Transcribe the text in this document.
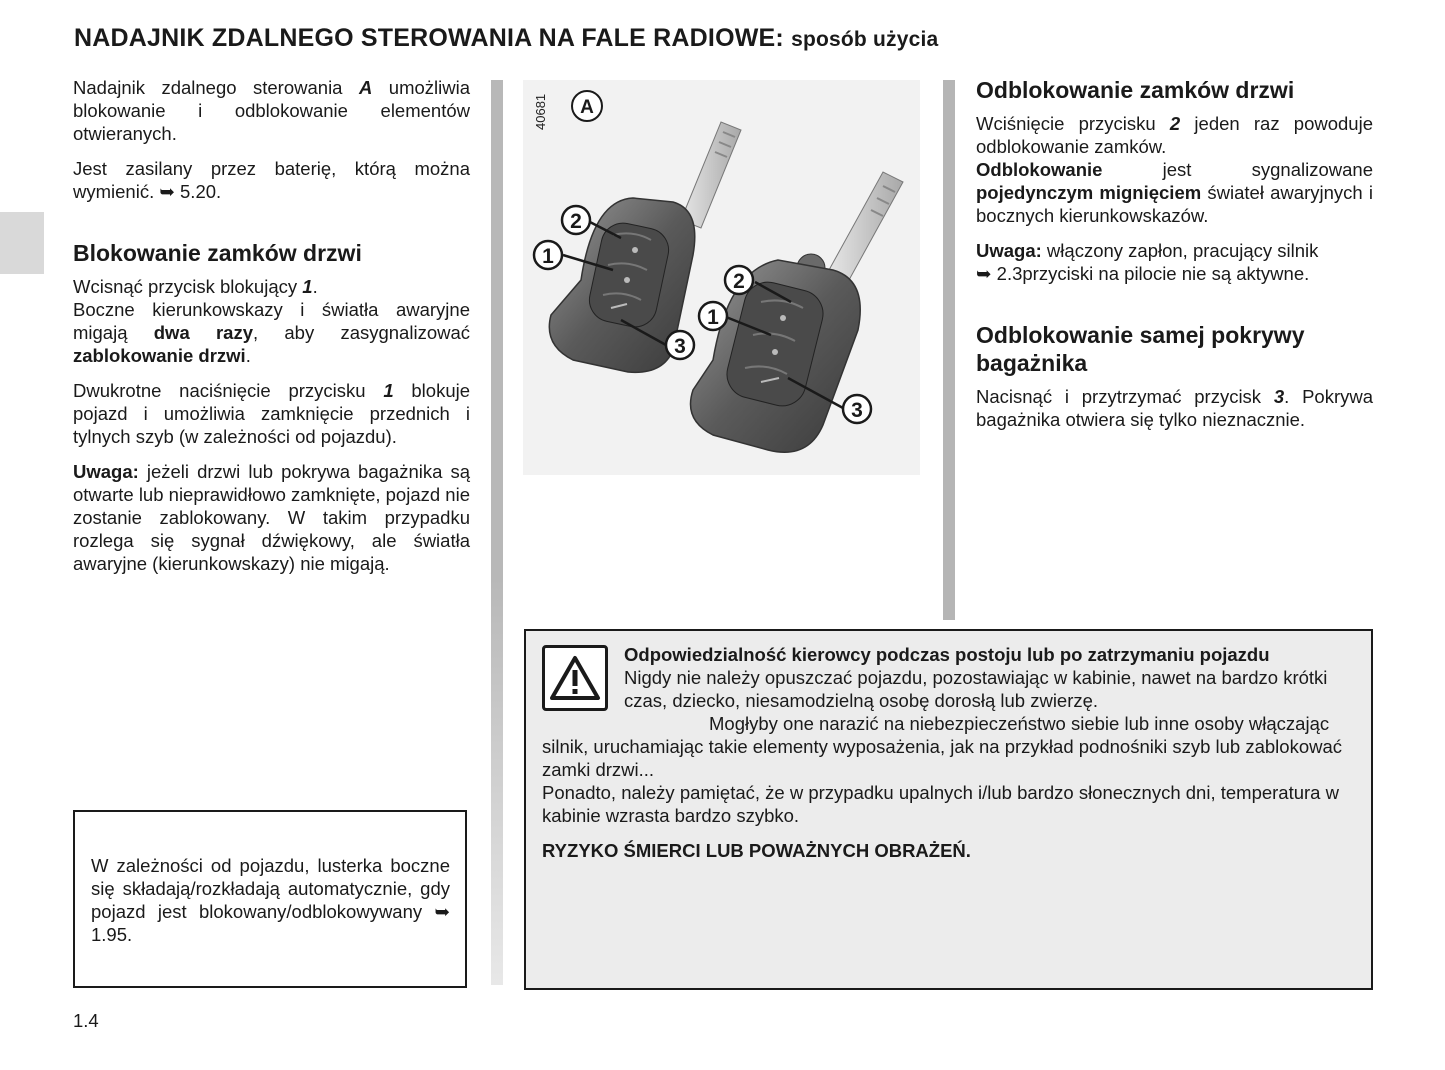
NADAJNIK ZDALNEGO STEROWANIA NA FALE RADIOWE: sposób użycia

Nadajnik zdalnego sterowania A umożliwia blokowanie i odblokowanie elementów otwieranych.

Jest zasilany przez baterię, którą można wymienić. ➥ 5.20.

Blokowanie zamków drzwi

Wcisnąć przycisk blokujący 1.
Boczne kierunkowskazy i światła awaryjne migają dwa razy, aby zasygnalizować zablokowanie drzwi.

Dwukrotne naciśnięcie przycisku 1 blokuje pojazd i umożliwia zamknięcie przednich i tylnych szyb (w zależności od pojazdu).

Uwaga: jeżeli drzwi lub pokrywa bagażnika są otwarte lub nieprawidłowo zamknięte, pojazd nie zostanie zablokowany. W takim przypadku rozlega się sygnał dźwiękowy, ale światła awaryjne (kierunkowskazy) nie migają.

40681 A
2
1
3
2
1
3
Odblokowanie zamków drzwi

Wciśnięcie przycisku 2 jeden raz powoduje odblokowanie zamków.
Odblokowanie jest sygnalizowane pojedynczym mignięciem świateł awaryjnych i bocznych kierunkowskazów.

Uwaga: włączony zapłon, pracujący silnik
➥ 2.3przyciski na pilocie nie są aktywne.

Odblokowanie samej pokrywy bagażnika

Nacisnąć i przytrzymać przycisk 3. Pokrywa bagażnika otwiera się tylko nieznacznie.

W zależności od pojazdu, lusterka boczne się składają/rozkładają automatycznie, gdy pojazd jest blokowany/odblokowywany ➥ 1.95.

Odpowiedzialność kierowcy podczas postoju lub po zatrzymaniu pojazdu

Nigdy nie należy opuszczać pojazdu, pozostawiając w kabinie, nawet na bardzo krótki czas, dziecko, niesamodzielną osobę dorosłą lub zwierzę.

Mogłyby one narazić na niebezpieczeństwo siebie lub inne osoby włączając silnik, uruchamiając takie elementy wyposażenia, jak na przykład podnośniki szyb lub zablokować zamki drzwi...

Ponadto, należy pamiętać, że w przypadku upalnych i/lub bardzo słonecznych dni, temperatura w kabinie wzrasta bardzo szybko.

RYZYKO ŚMIERCI LUB POWAŻNYCH OBRAŻEŃ.

1.4
